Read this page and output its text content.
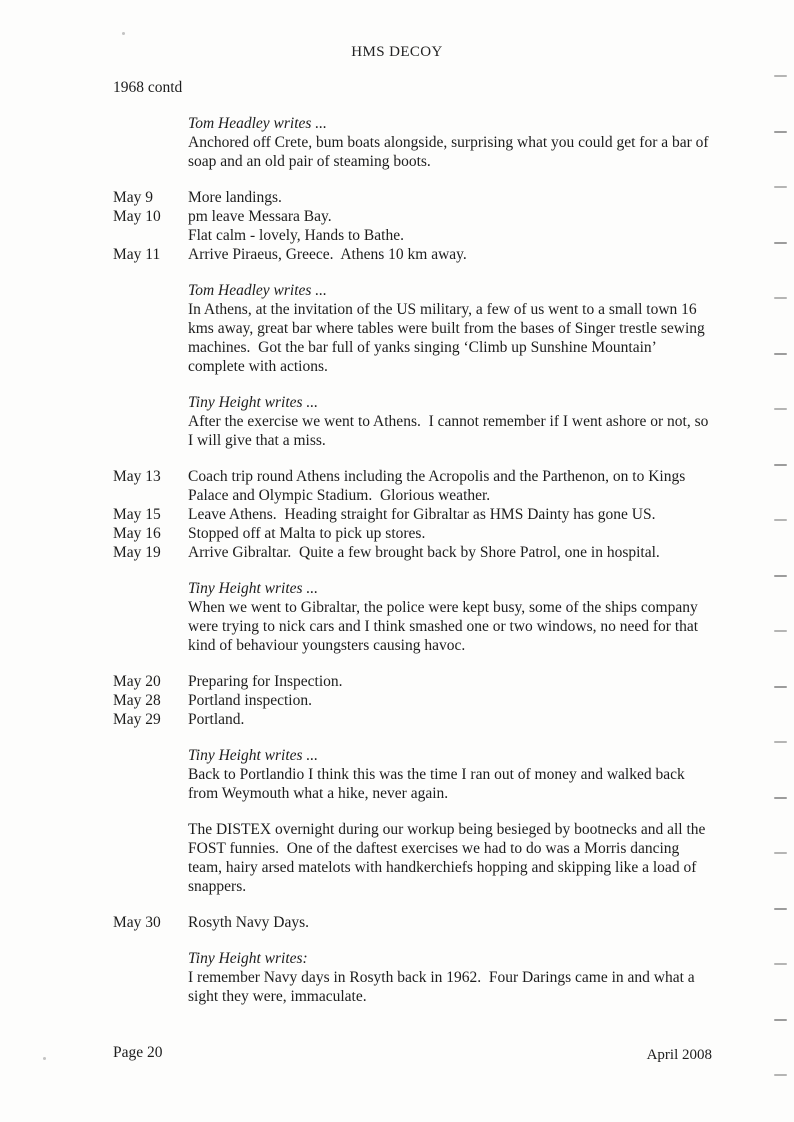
HMS DECOY
1968 contd
Tom Headley writes ...
Anchored off Crete, bum boats alongside, surprising what you could get for a bar of soap and an old pair of steaming boots.
May 9	More landings.
May 10	pm leave Messara Bay.
Flat calm - lovely, Hands to Bathe.
May 11	Arrive Piraeus, Greece.  Athens 10 km away.
Tom Headley writes ...
In Athens, at the invitation of the US military, a few of us went to a small town 16 kms away, great bar where tables were built from the bases of Singer trestle sewing machines.  Got the bar full of yanks singing ‘Climb up Sunshine Mountain’ complete with actions.
Tiny Height writes ...
After the exercise we went to Athens.  I cannot remember if I went ashore or not, so I will give that a miss.
May 13	Coach trip round Athens including the Acropolis and the Parthenon, on to Kings Palace and Olympic Stadium.  Glorious weather.
May 15	Leave Athens.  Heading straight for Gibraltar as HMS Dainty has gone US.
May 16	Stopped off at Malta to pick up stores.
May 19	Arrive Gibraltar.  Quite a few brought back by Shore Patrol, one in hospital.
Tiny Height writes ...
When we went to Gibraltar, the police were kept busy, some of the ships company were trying to nick cars and I think smashed one or two windows, no need for that kind of behaviour youngsters causing havoc.
May 20	Preparing for Inspection.
May 28	Portland inspection.
May 29	Portland.
Tiny Height writes ...
Back to Portlandio I think this was the time I ran out of money and walked back from Weymouth what a hike, never again.
The DISTEX overnight during our workup being besieged by bootnecks and all the FOST funnies.  One of the daftest exercises we had to do was a Morris dancing team, hairy arsed matelots with handkerchiefs hopping and skipping like a load of snappers.
May 30	Rosyth Navy Days.
Tiny Height writes:
I remember Navy days in Rosyth back in 1962.  Four Darings came in and what a sight they were, immaculate.
Page 20	April 2008
